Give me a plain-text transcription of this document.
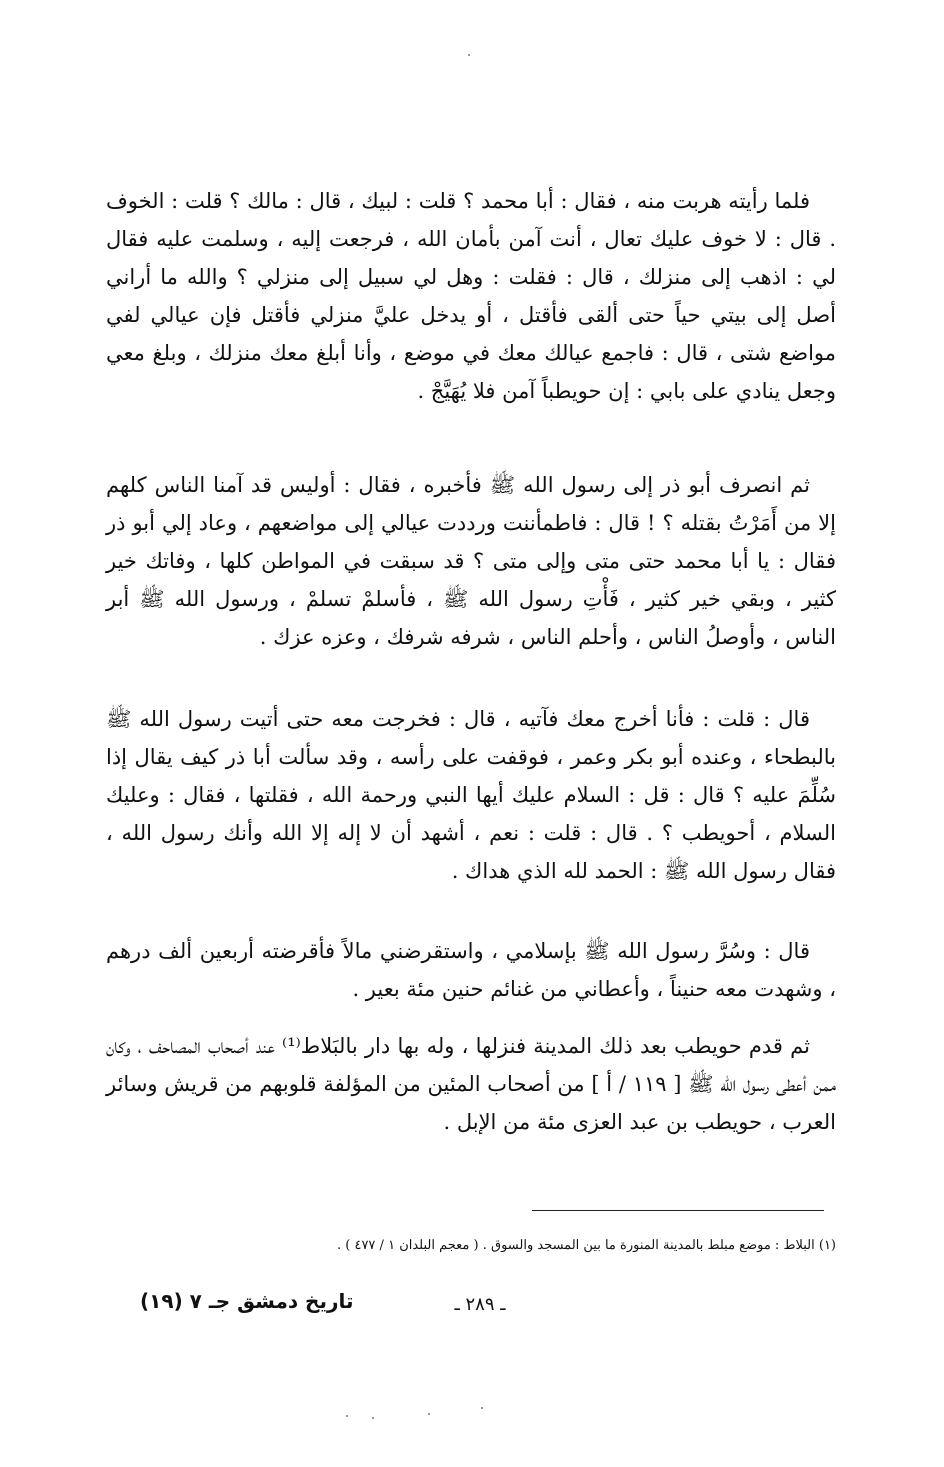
فلما رأيته هربت منه ، فقال : أبا محمد ؟ قلت : لبيك ، قال : مالك ؟ قلت : الخوف . قال : لا خوف عليك تعال ، أنت آمن بأمان الله ، فرجعت إليه ، وسلمت عليه فقال لي : اذهب إلى منزلك ، قال : فقلت : وهل لي سبيل إلى منزلي ؟ والله ما أراني أصل إلى بيتي حياً حتى ألقى فأقتل ، أو يدخل عليَّ منزلي فأقتل فإن عيالي لفي مواضع شتى ، قال : فاجمع عيالك معك في موضع ، وأنا أبلغ معك منزلك ، وبلغ معي وجعل ينادي على بابي : إن حويطباً آمن فلا يُهَيَّجْ .

ثم انصرف أبو ذر إلى رسول الله ﷺ فأخبره ، فقال : أوليس قد آمنا الناس كلهم إلا من أَمَرْتُ بقتله ؟ ! قال : فاطمأننت ورددت عيالي إلى مواضعهم ، وعاد إلي أبو ذر فقال : يا أبا محمد حتى متى وإلى متى ؟ قد سبقت في المواطن كلها ، وفاتك خير كثير ، وبقي خير كثير ، فَأْتِ رسول الله ﷺ ، فأسلمْ تسلمْ ، ورسول الله ﷺ أبر الناس ، وأوصلُ الناس ، وأحلم الناس ، شرفه شرفك ، وعزه عزك .

قال : قلت : فأنا أخرج معك فآتيه ، قال : فخرجت معه حتى أتيت رسول الله ﷺ بالبطحاء ، وعنده أبو بكر وعمر ، فوقفت على رأسه ، وقد سألت أبا ذر كيف يقال إذا سُلِّمَ عليه ؟ قال : قل : السلام عليك أيها النبي ورحمة الله ، فقلتها ، فقال : وعليك السلام ، أحويطب ؟ . قال : قلت : نعم ، أشهد أن لا إله إلا الله وأنك رسول الله ، فقال رسول الله ﷺ : الحمد لله الذي هداك .

قال : وسُرَّ رسول الله ﷺ بإسلامي ، واستقرضني مالاً فأقرضته أربعين ألف درهم ، وشهدت معه حنيناً ، وأعطاني من غنائم حنين مئة بعير .

ثم قدم حويطب بعد ذلك المدينة فنزلها ، وله بها دار بالبَلاط⁽¹⁾ عند أصحاب المصاحف ، وكان ممن أعطى رسول الله ﷺ [ ١١٩ / أ ] من أصحاب المئين من المؤلفة قلوبهم من قريش وسائر العرب ، حويطب بن عبد العزى مئة من الإبل .

(١) البلاط : موضع مبلط بالمدينة المنورة ما بين المسجد والسوق . ( معجم البلدان ١ / ٤٧٧ ) .
ـ ٢٨٩ ـ
تاريخ دمشق جـ ٧ (١٩)
